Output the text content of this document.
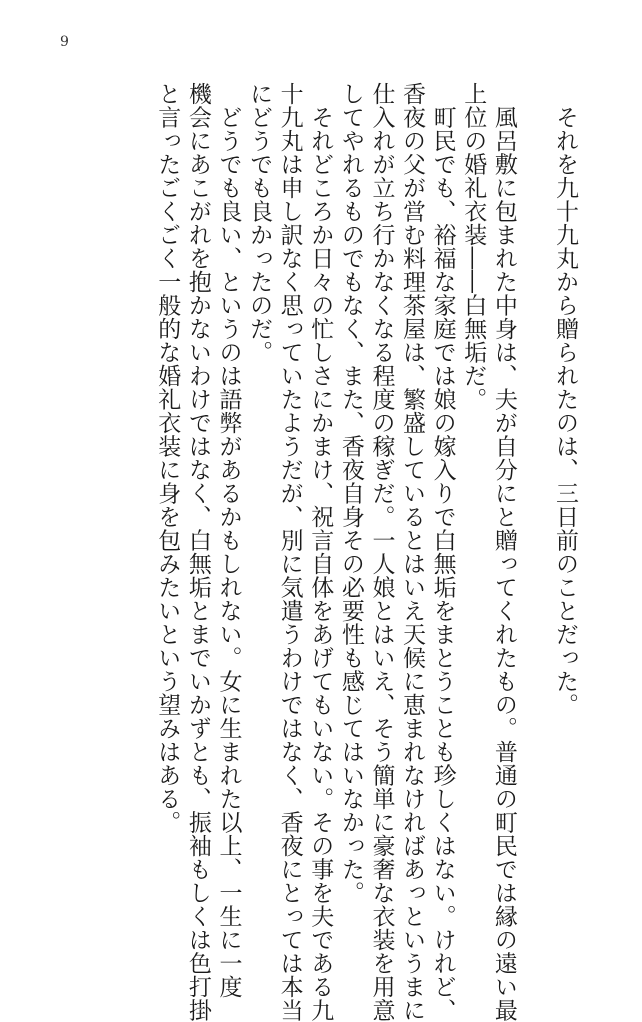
9
　それを九十九丸から贈られたのは、三日前のことだった。

　風呂敷に包まれた中身は、夫が自分にと贈ってくれたもの。普通の町民では縁の遠い最
上位の婚礼衣装――白無垢だ。
　町民でも、裕福な家庭では娘の嫁入りで白無垢をまとうことも珍しくはない。けれど、
香夜の父が営む料理茶屋は、繁盛しているとはいえ天候に恵まれなければあっというまに
仕入れが立ち行かなくなる程度の稼ぎだ。一人娘とはいえ、そう簡単に豪奢な衣装を用意
してやれるものでもなく、また、香夜自身その必要性も感じてはいなかった。
　それどころか日々の忙しさにかまけ、祝言自体をあげてもいない。その事を夫である九
十九丸は申し訳なく思っていたようだが、別に気遣うわけではなく、香夜にとっては本当
にどうでも良かったのだ。
　どうでも良い、というのは語弊があるかもしれない。女に生まれた以上、一生に一度
機会にあこがれを抱かないわけではなく、白無垢とまでいかずとも、振袖もしくは色打掛
と言ったごくごく一般的な婚礼衣装に身を包みたいという望みはある。
